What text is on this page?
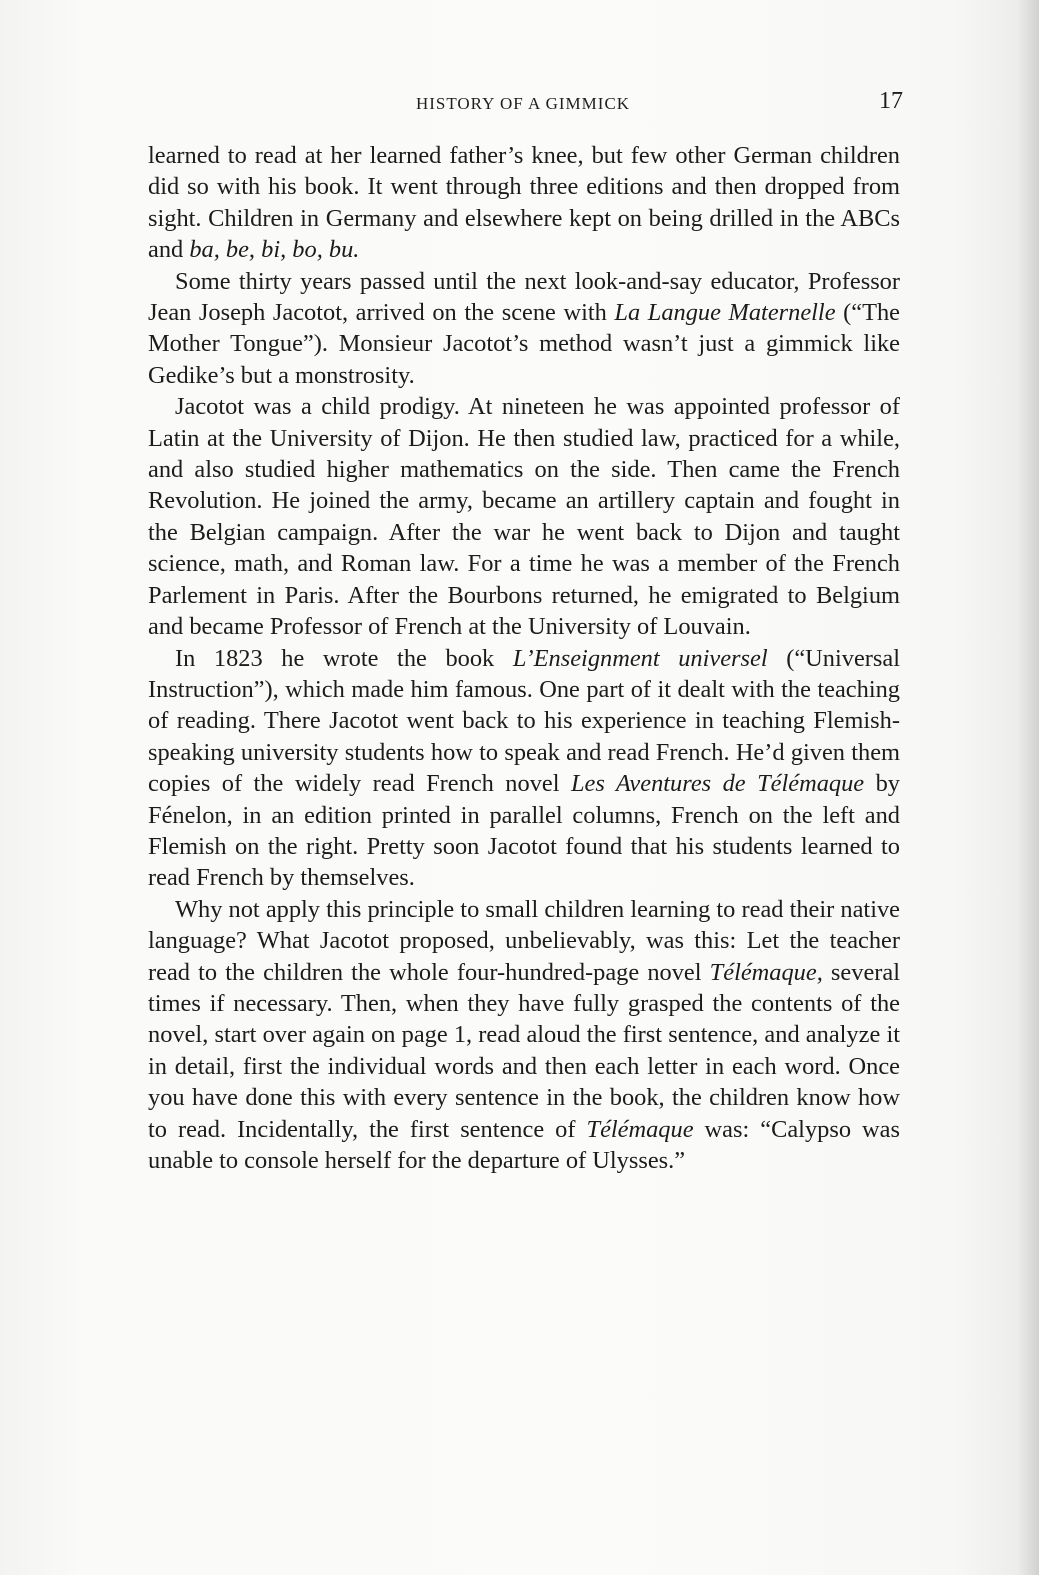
HISTORY OF A GIMMICK	17

learned to read at her learned father’s knee, but few other German children did so with his book. It went through three editions and then dropped from sight. Children in Germany and elsewhere kept on being drilled in the ABCs and ba, be, bi, bo, bu.

Some thirty years passed until the next look-and-say educator, Professor Jean Joseph Jacotot, arrived on the scene with La Langue Maternelle (“The Mother Tongue”). Monsieur Jacotot’s method wasn’t just a gimmick like Gedike’s but a monstrosity.

Jacotot was a child prodigy. At nineteen he was appointed professor of Latin at the University of Dijon. He then studied law, practiced for a while, and also studied higher mathematics on the side. Then came the French Revolution. He joined the army, became an artillery captain and fought in the Belgian campaign. After the war he went back to Dijon and taught science, math, and Roman law. For a time he was a member of the French Parlement in Paris. After the Bourbons returned, he emigrated to Belgium and became Professor of French at the University of Louvain.

In 1823 he wrote the book L’Enseignment universel (“Universal Instruction”), which made him famous. One part of it dealt with the teaching of reading. There Jacotot went back to his experience in teaching Flemish-speaking university students how to speak and read French. He’d given them copies of the widely read French novel Les Aventures de Télémaque by Fénelon, in an edition printed in parallel columns, French on the left and Flemish on the right. Pretty soon Jacotot found that his students learned to read French by themselves.

Why not apply this principle to small children learning to read their native language? What Jacotot proposed, unbelievably, was this: Let the teacher read to the children the whole four-hundred-page novel Télémaque, several times if necessary. Then, when they have fully grasped the contents of the novel, start over again on page 1, read aloud the first sentence, and analyze it in detail, first the individual words and then each letter in each word. Once you have done this with every sentence in the book, the children know how to read. Incidentally, the first sentence of Télémaque was: “Calypso was unable to console herself for the departure of Ulysses.”
